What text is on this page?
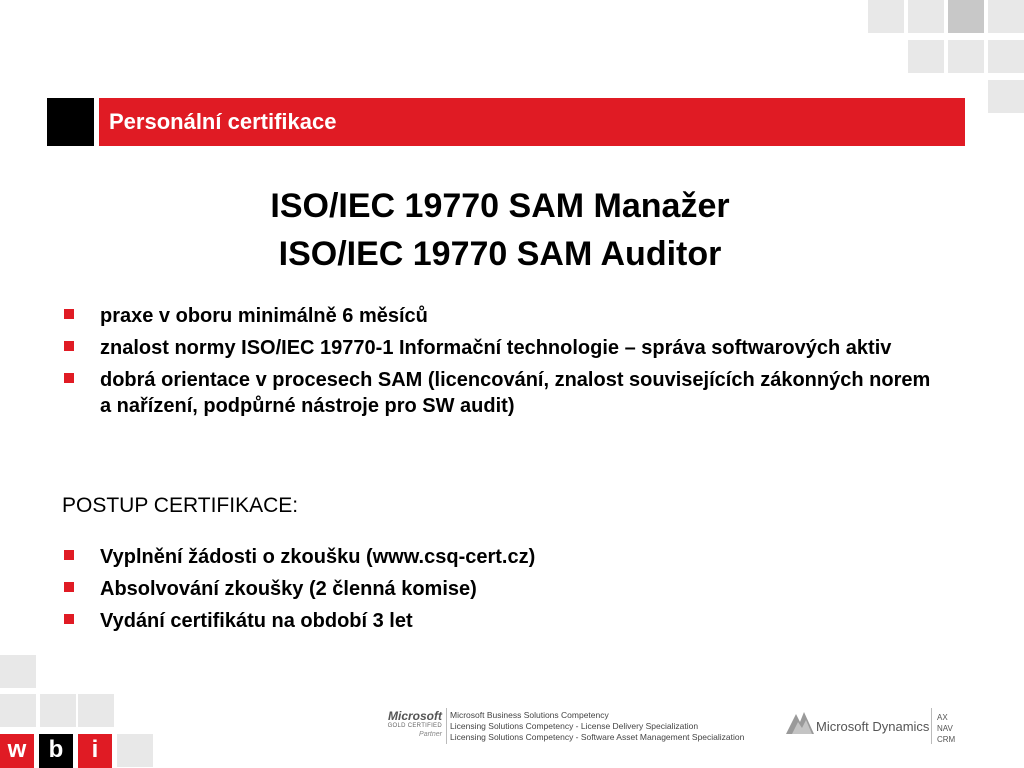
Personální certifikace
ISO/IEC 19770 SAM Manažer
ISO/IEC 19770 SAM Auditor
praxe v oboru minimálně 6 měsíců
znalost normy ISO/IEC 19770-1 Informační technologie – správa softwarových aktiv
dobrá orientace v procesech SAM (licencování, znalost souvisejících zákonných norem a nařízení, podpůrné nástroje pro SW audit)
POSTUP CERTIFIKACE:
Vyplnění žádosti o zkoušku (www.csq-cert.cz)
Absolvování zkoušky (2 členná komise)
Vydání certifikátu na období 3 let
Microsoft
GOLD CERTIFIED
Partner
Microsoft Business Solutions Competency
Licensing Solutions Competency - License Delivery Specialization
Licensing Solutions Competency - Software Asset Management Specialization
Microsoft Dynamics
AX
NAV
CRM
w b	i
